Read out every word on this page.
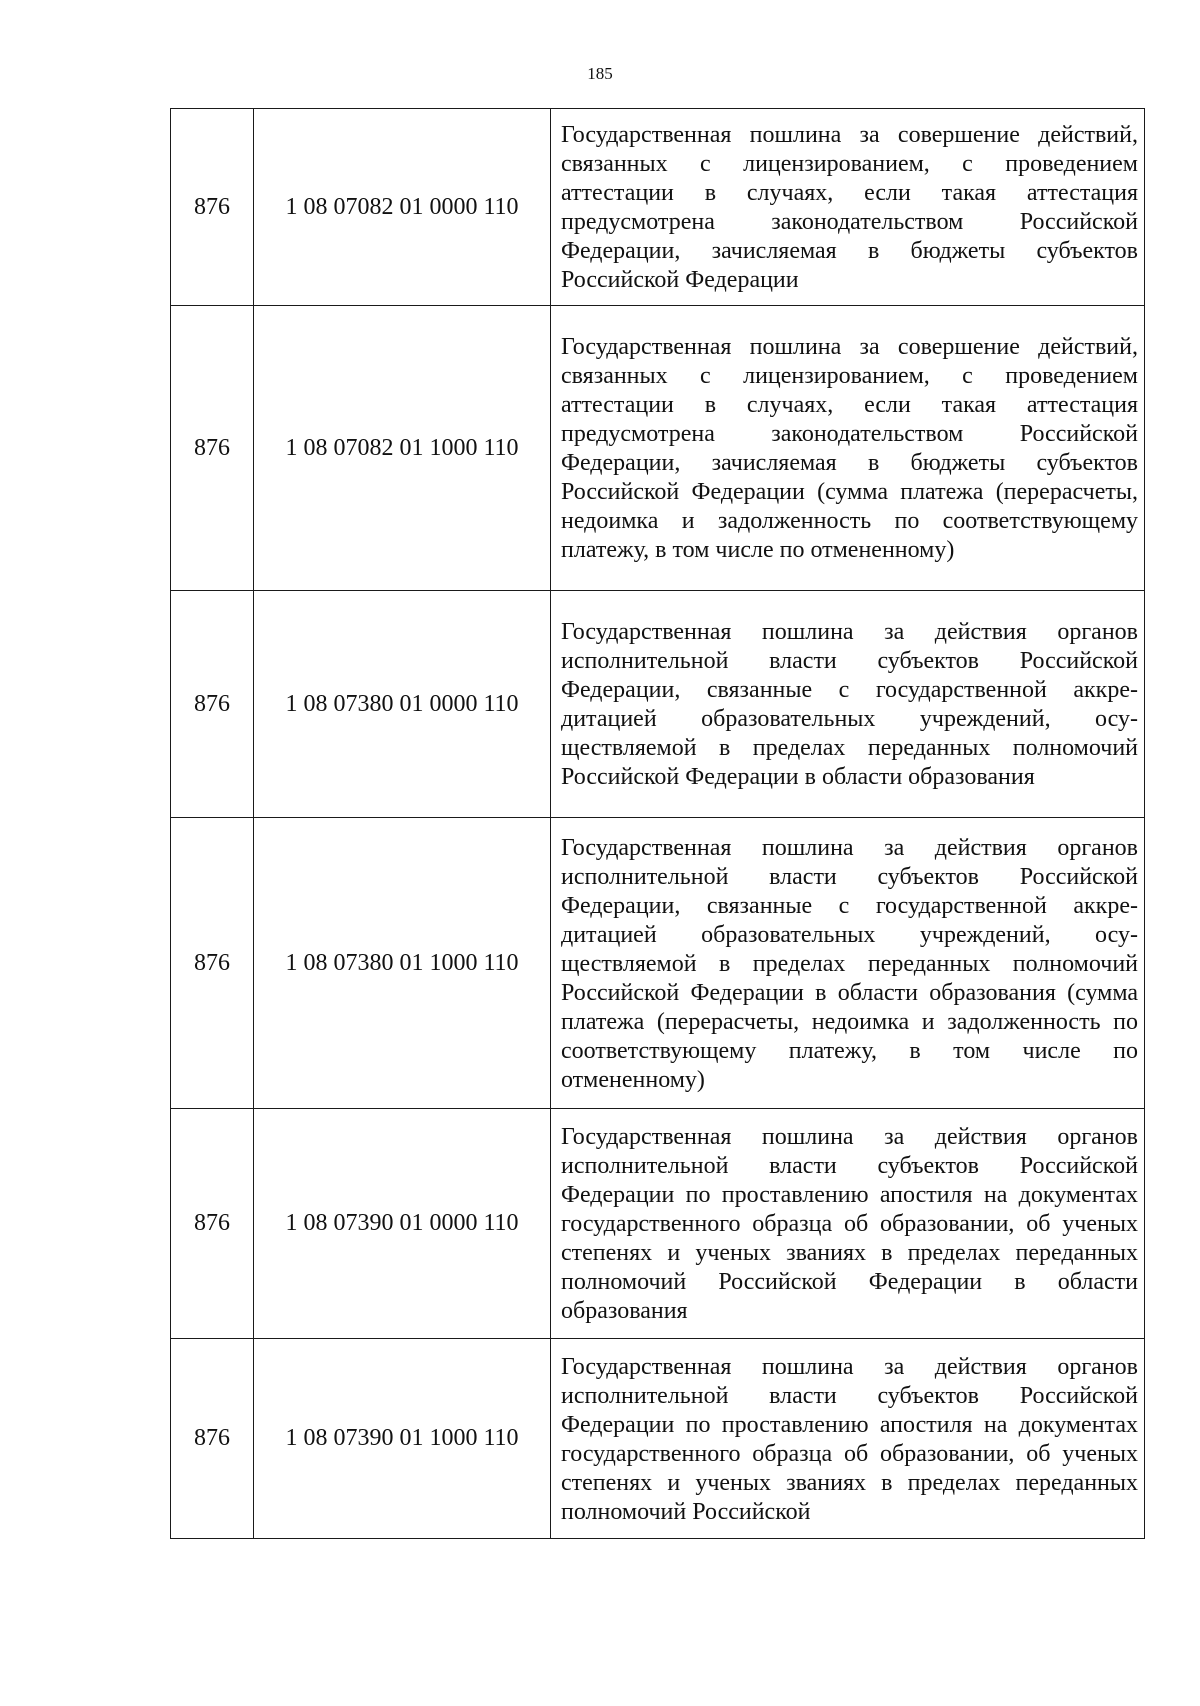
185
876	1 08 07082 01 0000 110	Государственная пошлина за совершение действий, связанных с лицензированием, с проведением аттестации в случаях, если такая аттестация предусмотрена законодательством Российской Федерации, зачисляемая в бюджеты субъектов Российской Федерации

876	1 08 07082 01 1000 110	Государственная пошлина за совершение действий, связанных с лицензированием, с проведением аттестации в случаях, если такая аттестация предусмотрена законодательством Российской Федерации, зачисляемая в бюджеты субъектов Российской Федерации (сумма платежа (перерасчеты, недоимка и задолженность по соответствующему платежу, в том числе по отмененному)

876	1 08 07380 01 0000 110	Государственная пошлина за действия органов исполнительной власти субъектов Российской Федерации, связанные с государственной аккредитацией образовательных учреждений, осуществляемой в пределах переданных полномочий Российской Федерации в области образования

876	1 08 07380 01 1000 110	Государственная пошлина за действия органов исполнительной власти субъектов Российской Федерации, связанные с государственной аккредитацией образовательных учреждений, осуществляемой в пределах переданных полномочий Российской Федерации в области образования (сумма платежа (перерасчеты, недоимка и задолженность по соответствующему платежу, в том числе по отмененному)

876	1 08 07390 01 0000 110	Государственная пошлина за действия органов исполнительной власти субъектов Российской Федерации по проставлению апостиля на документах государственного образца об образовании, об ученых степенях и ученых званиях в пределах переданных полномочий Российской Федерации в области образования

876	1 08 07390 01 1000 110	Государственная пошлина за действия органов исполнительной власти субъектов Российской Федерации по проставлению апостиля на документах государственного образца об образовании, об ученых степенях и ученых званиях в пределах переданных полномочий Российской
